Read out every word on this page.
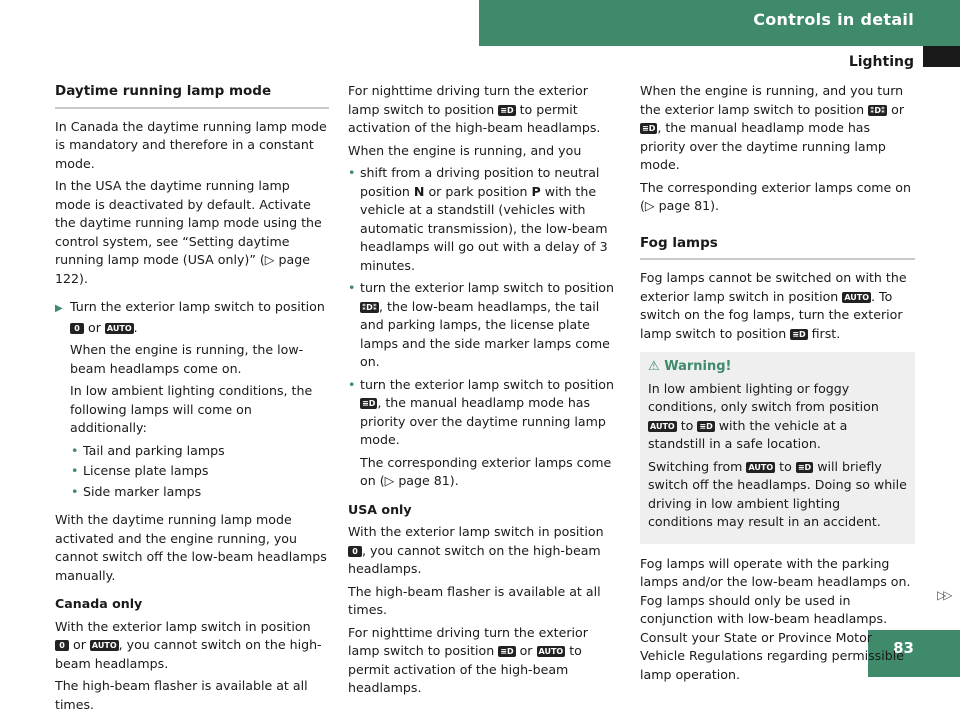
Controls in detail
Lighting
▷▷
83
Daytime running lamp mode

In Canada the daytime running lamp mode is mandatory and therefore in a constant mode.

In the USA the daytime running lamp mode is deactivated by default. Activate the daytime running lamp mode using the control system, see “Setting daytime running lamp mode (USA only)” (▷ page 122).

▶ Turn the exterior lamp switch to position
0 or AUTO .

When the engine is running, the low-beam headlamps come on.

In low ambient lighting conditions, the following lamps will come on additionally:

• Tail and parking lamps
• License plate lamps
• Side marker lamps

With the daytime running lamp mode activated and the engine running, you cannot switch off the low-beam headlamps manually.

Canada only

With the exterior lamp switch in position
0 or AUTO , you cannot switch on the high-beam headlamps.

The high-beam flasher is available at all times.

For nighttime driving turn the exterior lamp switch to position ≡D to permit activation of the high-beam headlamps.

When the engine is running, and you

• shift from a driving position to neutral position N or park position P with the vehicle at a standstill (vehicles with automatic transmission), the low-beam headlamps will go out with a delay of 3 minutes.
• turn the exterior lamp switch to position
⁑D⁑ , the low-beam headlamps, the tail and parking lamps, the license plate lamps and the side marker lamps come on.
• turn the exterior lamp switch to position
≡D , the manual headlamp mode has priority over the daytime running lamp mode.

The corresponding exterior lamps come on (▷ page 81).

USA only

With the exterior lamp switch in position
0 , you cannot switch on the high-beam headlamps.

The high-beam flasher is available at all times.

For nighttime driving turn the exterior lamp switch to position ≡D or AUTO to permit activation of the high-beam headlamps.

When the engine is running, and you turn the exterior lamp switch to position ⁑D⁑ or ≡D , the manual headlamp mode has priority over the daytime running lamp mode.

The corresponding exterior lamps come on (▷ page 81).

Fog lamps

Fog lamps cannot be switched on with the exterior lamp switch in position AUTO . To switch on the fog lamps, turn the exterior lamp switch to position ≡D first.

⚠ Warning!

In low ambient lighting or foggy conditions, only switch from position AUTO to ≡D with the vehicle at a standstill in a safe location.

Switching from AUTO to ≡D will briefly switch off the headlamps. Doing so while driving in low ambient lighting conditions may result in an accident.

Fog lamps will operate with the parking lamps and/or the low-beam headlamps on. Fog lamps should only be used in conjunction with low-beam headlamps. Consult your State or Province Motor Vehicle Regulations regarding permissible lamp operation.
